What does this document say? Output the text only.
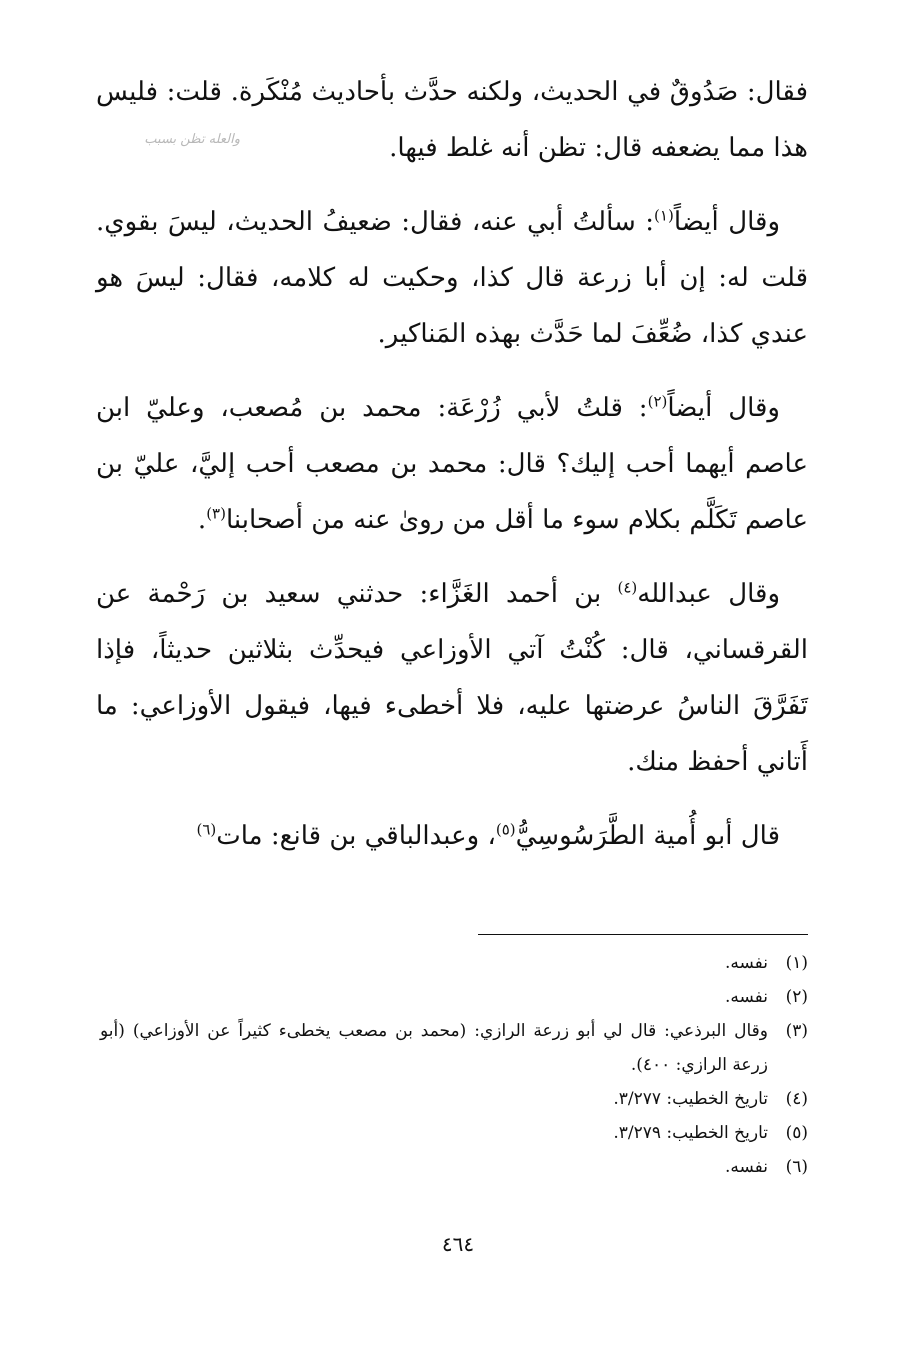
فقال: صَدُوقٌ في الحديث، ولكنه حدَّث بأحاديث مُنْكَرة. قلت: فليس هذا مما يضعفه قال: تظن أنه غلط فيها.

وقال أيضاً$^{(١)}$: سألتُ أبي عنه، فقال: ضعيفُ الحديث، ليسَ بقوي. قلت له: إن أبا زرعة قال كذا، وحكيت له كلامه، فقال: ليسَ هو عندي كذا، ضُعِّفَ لما حَدَّث بهذه المَناكير.

وقال أيضاً$^{(٢)}$: قلتُ لأبي زُرْعَة: محمد بن مُصعب، وعليّ ابن عاصم أيهما أحب إليك؟ قال: محمد بن مصعب أحب إليَّ، عليّ بن عاصم تَكَلَّم بكلام سوء ما أقل من روىٰ عنه من أصحابنا$^{(٣)}$.

وقال عبدالله$^{(٤)}$ بن أحمد الغَزَّاء: حدثني سعيد بن رَحْمة عن القرقساني، قال: كُنْتُ آتي الأوزاعي فيحدِّث بثلاثين حديثاً، فإذا تَفَرَّقَ الناسُ عرضتها عليه، فلا أخطىء فيها، فيقول الأوزاعي: ما أَتاني أحفظ منك.

قال أبو أُمية الطَّرَسُوسِيُّ$^{(٥)}$، وعبدالباقي بن قانع: مات$^{(٦)}$

والعله تظن بسبب
(١)
نفسه.
(٢)
نفسه.
(٣)
وقال البرذعي: قال لي أبو زرعة الرازي: (محمد بن مصعب يخطىء كثيراً عن الأوزاعي) (أبو زرعة الرازي: ٤٠٠).
(٤)
تاريخ الخطيب: ٣/٢٧٧.
(٥)
تاريخ الخطيب: ٣/٢٧٩.
(٦)
نفسه.
٤٦٤
